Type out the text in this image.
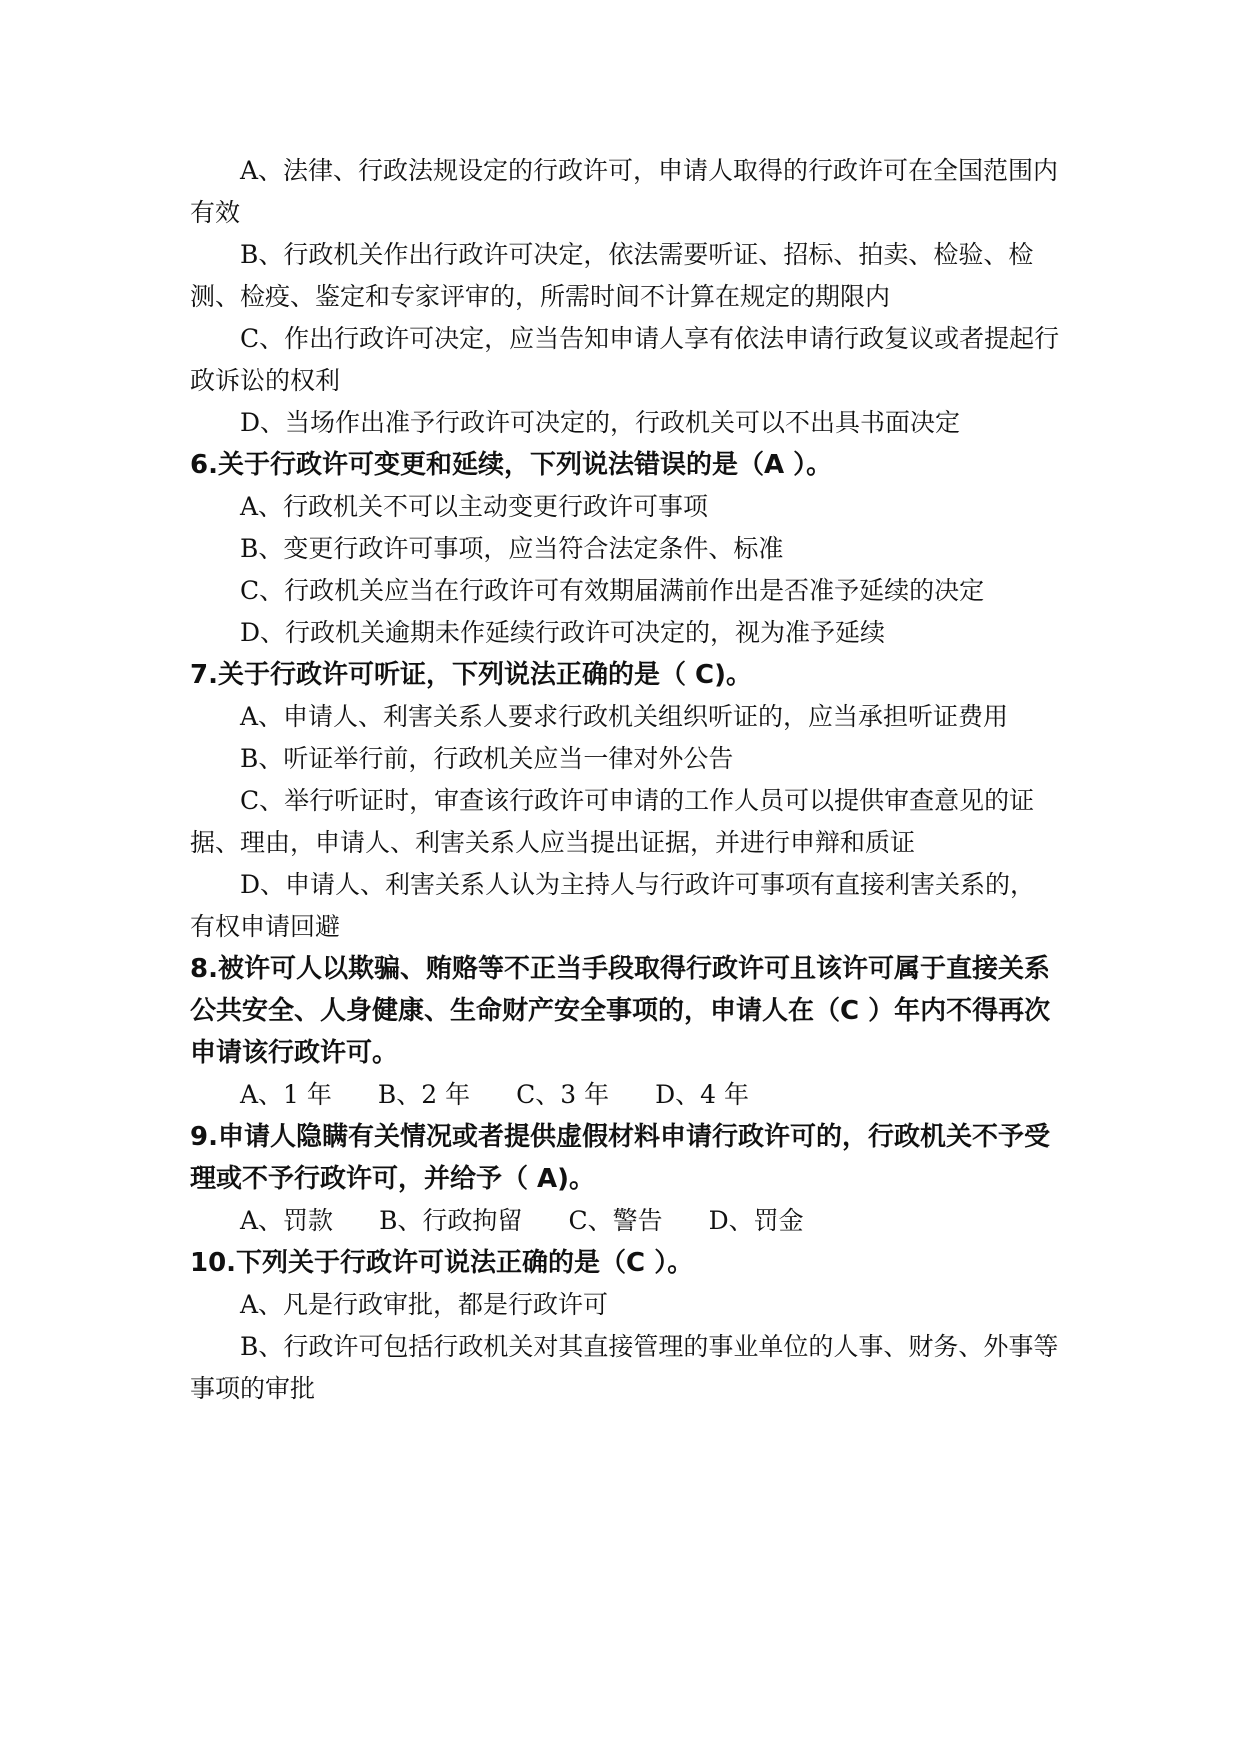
A、法律、行政法规设定的行政许可，申请人取得的行政许可在全国范围内有效

B、行政机关作出行政许可决定，依法需要听证、招标、拍卖、检验、检测、检疫、鉴定和专家评审的，所需时间不计算在规定的期限内

C、作出行政许可决定，应当告知申请人享有依法申请行政复议或者提起行政诉讼的权利

D、当场作出准予行政许可决定的，行政机关可以不出具书面决定

6.关于行政许可变更和延续，下列说法错误的是（A ）。

A、行政机关不可以主动变更行政许可事项

B、变更行政许可事项，应当符合法定条件、标准

C、行政机关应当在行政许可有效期届满前作出是否准予延续的决定

D、行政机关逾期未作延续行政许可决定的，视为准予延续

7.关于行政许可听证，下列说法正确的是（ C)。

A、申请人、利害关系人要求行政机关组织听证的，应当承担听证费用

B、听证举行前，行政机关应当一律对外公告

C、举行听证时，审查该行政许可申请的工作人员可以提供审查意见的证据、理由，申请人、利害关系人应当提出证据，并进行申辩和质证

D、申请人、利害关系人认为主持人与行政许可事项有直接利害关系的，有权申请回避

8.被许可人以欺骗、贿赂等不正当手段取得行政许可且该许可属于直接关系公共安全、人身健康、生命财产安全事项的，申请人在（C ）年内不得再次申请该行政许可。

A、1 年 B、2 年 C、3 年 D、4 年

9.申请人隐瞒有关情况或者提供虚假材料申请行政许可的，行政机关不予受理或不予行政许可，并给予（ A)。

A、罚款 B、行政拘留 C、警告 D、罚金

10.下列关于行政许可说法正确的是（C ）。

A、凡是行政审批，都是行政许可

B、行政许可包括行政机关对其直接管理的事业单位的人事、财务、外事等事项的审批
